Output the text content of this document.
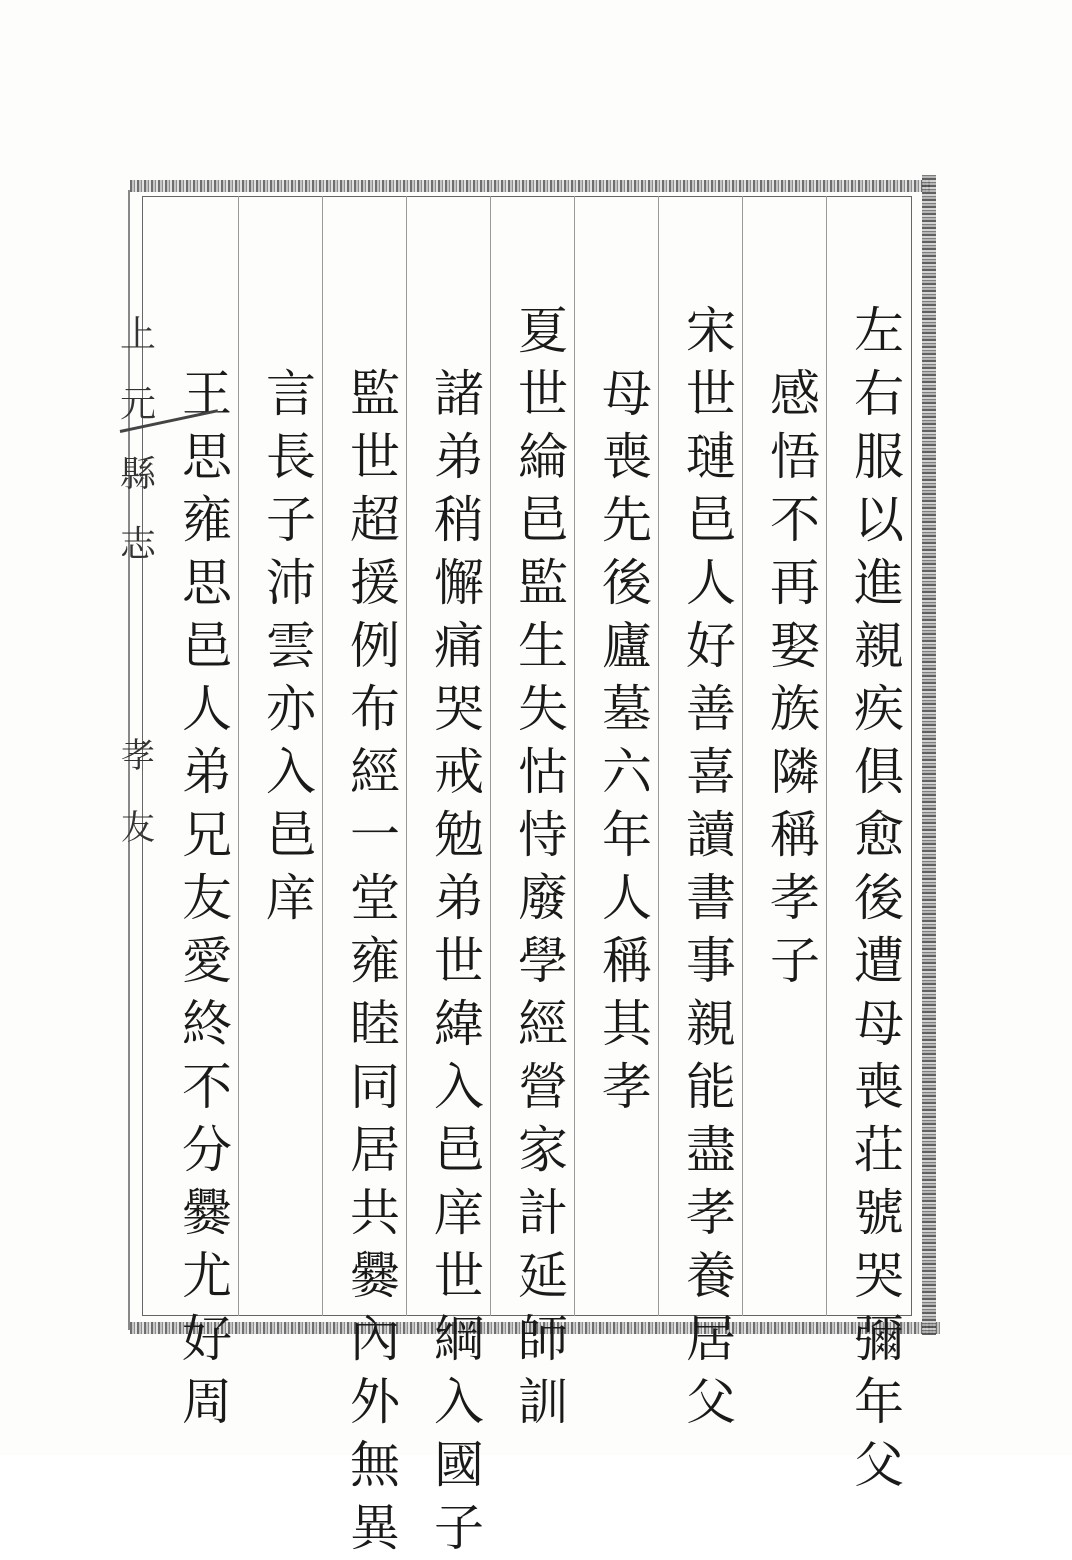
左
右
服
以
進
親
疾
俱
愈
後
遭
母
喪
荘
號
哭
彌
年
父
感
悟
不
再
娶
族
隣
稱
孝
子
宋
世
璉
邑
人
好
善
喜
讀
書
事
親
能
盡
孝
養
居
父
母
喪
先
後
廬
墓
六
年
人
稱
其
孝
夏
世
綸
邑
監
生
失
怙
恃
廢
學
經
營
家
計
延
師
訓
諸
弟
稍
懈
痛
哭
戒
勉
弟
世
緯
入
邑
庠
世
綱
入
國
子
監
世
超
援
例
布
經
一
堂
雍
睦
同
居
共
爨
內
外
無
異
言
長
子
沛
雲
亦
入
邑
庠
王
思
雍
思
邑
人
弟
兄
友
愛
終
不
分
爨
尤
好
周
上
元
縣
志
孝
友
